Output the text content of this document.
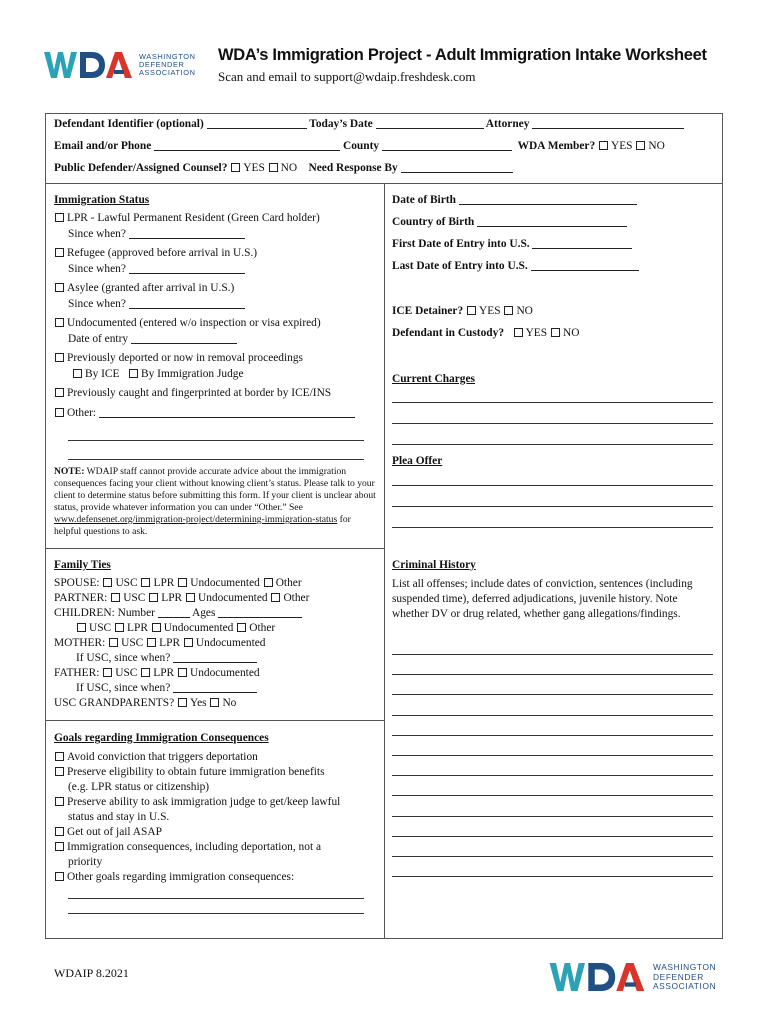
WASHINGTON
DEFENDER
ASSOCIATION
WDA’s Immigration Project - Adult Immigration Intake Worksheet
Scan and email to support@wdaip.freshdesk.com
Defendant Identifier (optional)	Today’s Date	Attorney
Email and/or Phone	County	WDA Member? YES NO
Public Defender/Assigned Counsel? YES NO Need Response By
Immigration Status
LPR - Lawful Permanent Resident (Green Card holder)
Since when?
Refugee (approved before arrival in U.S.)
Since when?
Asylee (granted after arrival in U.S.)
Since when?
Undocumented (entered w/o inspection or visa expired)
Date of entry
Previously deported or now in removal proceedings
By ICE By Immigration Judge
Previously caught and fingerprinted at border by ICE/INS
Other:
NOTE: WDAIP staff cannot provide accurate advice about the immigration consequences facing your client without knowing client’s status. Please talk to your client to determine status before submitting this form. If your client is unclear about status, provide whatever information you can under “Other.” See www.defensenet.org/immigration-project/determining-immigration-status for helpful questions to ask.
Date of Birth
Country of Birth
First Date of Entry into U.S.
Last Date of Entry into U.S.
ICE Detainer? YES NO
Defendant in Custody? YES NO
Current Charges
Plea Offer
Family Ties
SPOUSE: USC LPR Undocumented Other
PARTNER: USC LPR Undocumented Other
CHILDREN: Number	Ages
USC LPR Undocumented Other
MOTHER: USC LPR Undocumented
If USC, since when?
FATHER: USC LPR Undocumented
If USC, since when?
USC GRANDPARENTS? Yes No
Goals regarding Immigration Consequences
Avoid conviction that triggers deportation
Preserve eligibility to obtain future immigration benefits
(e.g. LPR status or citizenship)
Preserve ability to ask immigration judge to get/keep lawful
status and stay in U.S.
Get out of jail ASAP
Immigration consequences, including deportation, not a
priority
Other goals regarding immigration consequences:
Criminal History
List all offenses; include dates of conviction, sentences (including suspended time), deferred adjudications, juvenile history. Note whether DV or drug related, whether gang allegations/findings.
WDAIP 8.2021	WASHINGTON
DEFENDER
ASSOCIATION
